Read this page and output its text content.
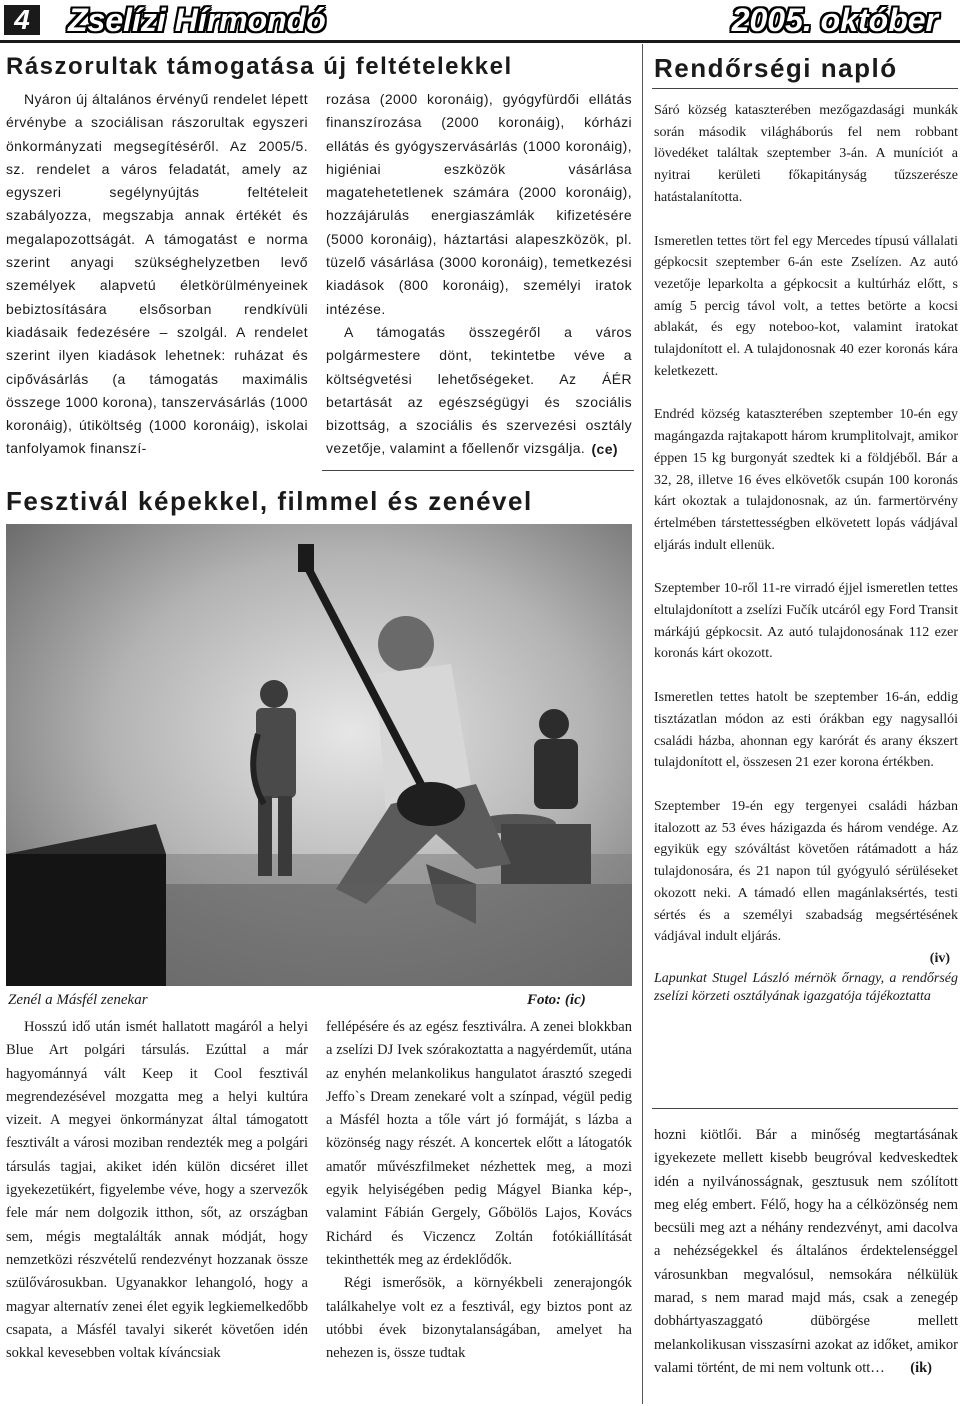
4	Zselízi Hírmondó	2005. október
Rászorultak támogatása új feltételekkel

Nyáron új általános érvényű rendelet lépett érvénybe a szociálisan rászorultak egyszeri önkormányzati megsegítéséről. Az 2005/5. sz. rendelet a város feladatát, amely az egyszeri segélynyújtás feltételeit szabályozza, megszabja annak értékét és megalapozottságát. A támogatást e norma szerint anyagi szükséghelyzetben levő személyek alapvetú életkörülményeinek bebiztosítására elsősorban rendkívüli kiadásaik fedezésére – szolgál. A rendelet szerint ilyen kiadások lehetnek: ruházat és cipővásárlás (a támogatás maximális összege 1000 korona), tanszervásárlás (1000 koronáig), útiköltség (1000 koronáig), iskolai tanfolyamok finanszí-

rozása (2000 koronáig), gyógyfürdői ellátás finanszírozása (2000 koronáig), kórházi ellátás és gyógyszervásárlás (1000 koronáig), higiéniai eszközök vásárlása magatehetetlenek számára (2000 koronáig), hozzájárulás energiaszámlák kifizetésére (5000 koronáig), háztartási alapeszközök, pl. tüzelő vásárlása (3000 koronáig), temetkezési kiadások (800 koronáig), személyi iratok intézése.

A támogatás összegéről a város polgármestere dönt, tekintetbe véve a költségvetési lehetőségeket. Az ÁÉR betartását az egészségügyi és szociális bizottság, a szociális és szervezési osztály vezetője, valamint a főellenőr vizsgálja. (ce)
Fesztivál képekkel, filmmel és zenével
Zenél a Másfél zenekar	Foto: (ic)

Hosszú idő után ismét hallatott magáról a helyi Blue Art polgári társulás. Ezúttal a már hagyománnyá vált Keep it Cool fesztivál megrendezésével mozgatta meg a helyi kultúra vizeit. A megyei önkormányzat által támogatott fesztivált a városi moziban rendezték meg a polgári társulás tagjai, akiket idén külön dicséret illet igyekezetükért, figyelembe véve, hogy a szervezők fele már nem dolgozik itthon, sőt, az országban sem, mégis megtalálták annak módját, hogy nemzetközi részvételű rendezvényt hozzanak össze szülővárosukban. Ugyanakkor lehangoló, hogy a magyar alternatív zenei élet egyik legkiemelkedőbb csapata, a Másfél tavalyi sikerét követően idén sokkal kevesebben voltak kíváncsiak

fellépésére és az egész fesztiválra. A zenei blokkban a zselízi DJ Ivek szórakoztatta a nagyérdeműt, utána az enyhén melankolikus hangulatot árasztó szegedi Jeffo`s Dream zenekaré volt a színpad, végül pedig a Másfél hozta a tőle várt jó formáját, s lázba a közönség nagy részét. A koncertek előtt a látogatók amatőr művészfilmeket nézhettek meg, a mozi egyik helyiségében pedig Mágyel Bianka kép-, valamint Fábián Gergely, Gőbölös Lajos, Kovács Richárd és Viczencz Zoltán fotókiállítását tekinthették meg az érdeklődők.

Régi ismerősök, a környékbeli zenerajongók találkahelye volt ez a fesztivál, egy biztos pont az utóbbi évek bizonytalanságában, amelyet ha nehezen is, össze tudtak

hozni kiötlői. Bár a minőség megtartásának igyekezete mellett kisebb beugróval kedveskedtek idén a nyilvánosságnak, gesztusuk nem szólított meg elég embert. Félő, hogy ha a célközönség nem becsüli meg azt a néhány rendezvényt, ami dacolva a nehézségekkel és általános érdektelenséggel városunkban megvalósul, nemsokára nélkülük marad, s nem marad majd más, csak a zenegép dobhártyaszaggató dübörgése mellett melankolikusan visszasírni azokat az időket, amikor valami történt, de mi nem voltunk ott…	(ik)
Rendőrségi napló

Sáró község kataszterében mezőgazdasági munkák során második világháborús fel nem robbant lövedéket találtak szeptember 3-án. A muníciót a nyitrai kerületi főkapitányság tűzszerésze hatástalanította.

Ismeretlen tettes tört fel egy Mercedes típusú vállalati gépkocsit szeptember 6-án este Zselízen. Az autó vezetője leparkolta a gépkocsit a kultúrház előtt, s amíg 5 percig távol volt, a tettes betörte a kocsi ablakát, és egy noteboo-kot, valamint iratokat tulajdonított el. A tulajdonosnak 40 ezer koronás kára keletkezett.

Endréd község kataszterében szeptember 10-én egy magángazda rajtakapott három krumplitolvajt, amikor éppen 15 kg burgonyát szedtek ki a földjéből. Bár a 32, 28, illetve 16 éves elkövetők csupán 100 koronás kárt okoztak a tulajdonosnak, az ún. farmertörvény értelmében társtettességben elkövetett lopás vádjával eljárás indult ellenük.

Szeptember 10-ről 11-re virradó éjjel ismeretlen tettes eltulajdonított a zselízi Fučík utcáról egy Ford Transit márkájú gépkocsit. Az autó tulajdonosának 112 ezer koronás kárt okozott.

Ismeretlen tettes hatolt be szeptember 16-án, eddig tisztázatlan módon az esti órákban egy nagysallói családi házba, ahonnan egy karórát és arany ékszert tulajdonított el, összesen 21 ezer korona értékben.

Szeptember 19-én egy tergenyei családi házban italozott az 53 éves házigazda és három vendége. Az egyikük egy szóváltást követően rátámadott a ház tulajdonosára, és 21 napon túl gyógyuló sérüléseket okozott neki. A támadó ellen magánlaksértés, testi sértés és a személyi szabadság megsértésének vádjával indult eljárás.

(iv)

Lapunkat Stugel László mérnök őrnagy, a rendőrség zselízi körzeti osztályának igazgatója tájékoztatta
